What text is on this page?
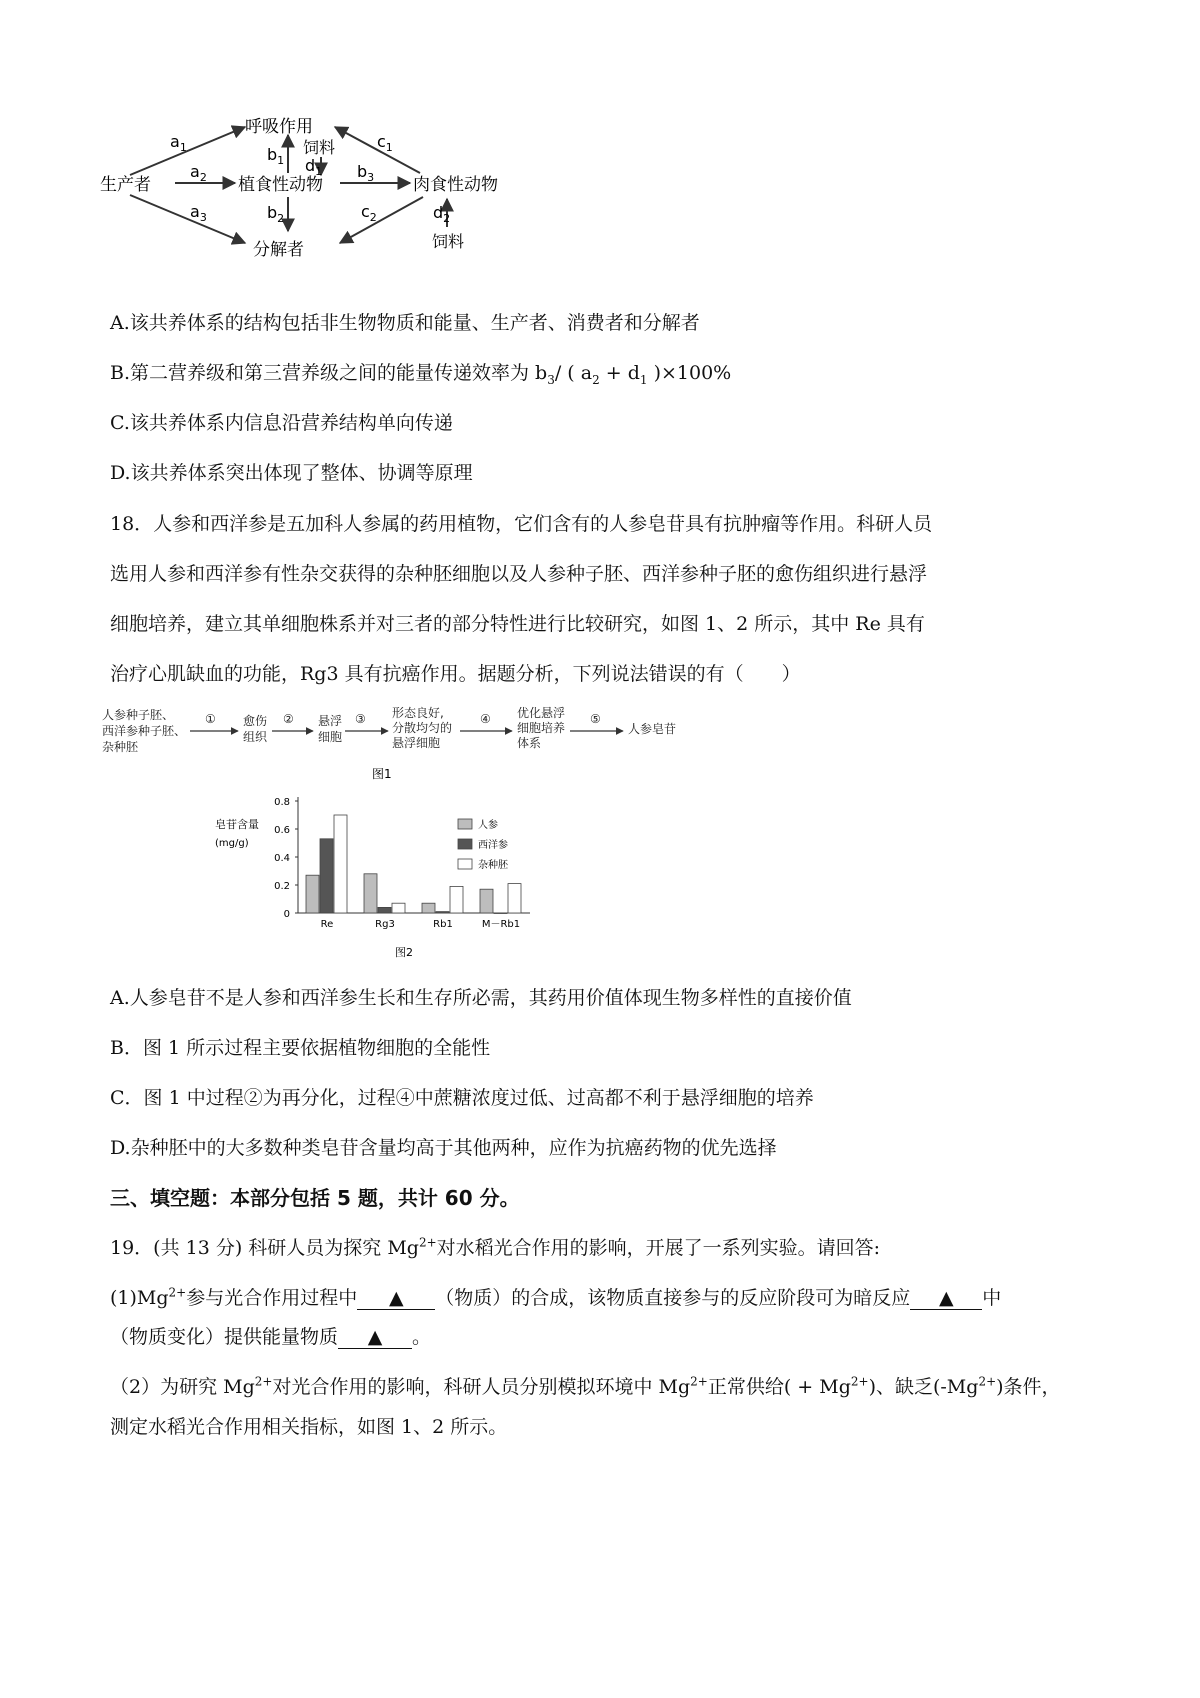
呼吸作用
生产者	植食性动物	肉食性动物
分解者
饲料
饲料
$a_1$
$a_2$
$a_3$
$b_1$
$b_2$
$b_3$
$c_1$
$c_2$
$d_1$
$d_2$
A.该共养体系的结构包括非生物物质和能量、生产者、消费者和分解者
B.第二营养级和第三营养级之间的能量传递效率为 $b_3/$ ( $a_2 + d_1$ )×100%
C.该共养体系内信息沿营养结构单向传递
D.该共养体系突出体现了整体、协调等原理
18．人参和西洋参是五加科人参属的药用植物，它们含有的人参皂苷具有抗肿瘤等作用。科研人员
选用人参和西洋参有性杂交获得的杂种胚细胞以及人参种子胚、西洋参种子胚的愈伤组织进行悬浮
细胞培养，建立其单细胞株系并对三者的部分特性进行比较研究，如图 1、2 所示，其中 Re 具有
治疗心肌缺血的功能，Rg3 具有抗癌作用。据题分析，下列说法错误的有（　　）
人参种子胚、
西洋参种子胚、
杂种胚
愈伤
组织
悬浮
细胞
形态良好,
分散均匀的
悬浮细胞
优化悬浮
细胞培养
体系
人参皂苷
①	②	③	④	⑤
图1
皂苷含量
(mg/g)
图2
0
0.2
0.4
0.6
0.8
Re	Rg3	Rb1	M－Rb1
人参
西洋参
杂种胚
A.人参皂苷不是人参和西洋参生长和生存所必需，其药用价值体现生物多样性的直接价值
B．图 1 所示过程主要依据植物细胞的全能性
C．图 1 中过程②为再分化，过程④中蔗糖浓度过低、过高都不利于悬浮细胞的培养
D.杂种胚中的大多数种类皂苷含量均高于其他两种，应作为抗癌药物的优先选择
三、填空题：本部分包括 5 题，共计 60 分。
19．(共 13 分) 科研人员为探究 $Mg^{2+}$对水稻光合作用的影响，开展了一系列实验。请回答:
$(1)Mg^{2+}$参与光合作用过程中 ▲ （物质）的合成，该物质直接参与的反应阶段可为暗反应 ▲ 中
（物质变化）提供能量物质 ▲ 。
（2）为研究 $Mg^{2+}$对光合作用的影响，科研人员分别模拟环境中 $Mg^{2+}$正常供给( + $Mg^{2+}$)、缺乏$(-Mg^{2+})$条件，
测定水稻光合作用相关指标，如图 1、2 所示。
